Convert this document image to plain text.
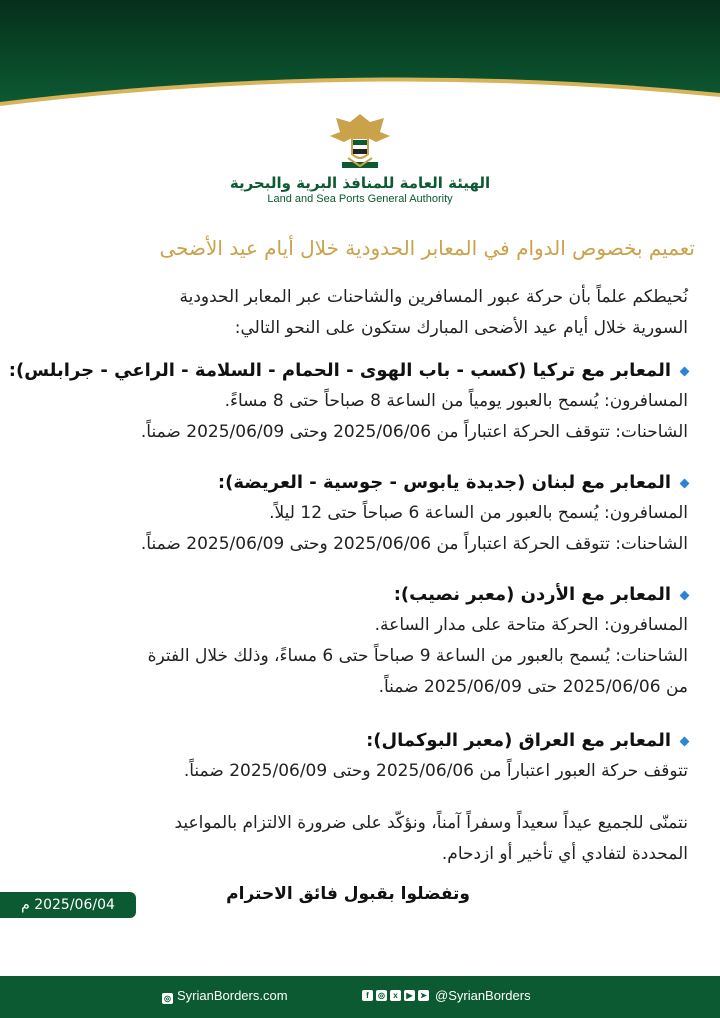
الهيئة العامة للمنافذ البرية والبحرية
Land and Sea Ports General Authority
تعميم بخصوص الدوام في المعابر الحدودية خلال أيام عيد الأضحى
نُحيطكم علماً بأن حركة عبور المسافرين والشاحنات عبر المعابر الحدودية
السورية خلال أيام عيد الأضحى المبارك ستكون على النحو التالي:
المعابر مع تركيا (كسب - باب الهوى - الحمام - السلامة - الراعي - جرابلس):
المسافرون: يُسمح بالعبور يومياً من الساعة 8 صباحاً حتى 8 مساءً.
الشاحنات: تتوقف الحركة اعتباراً من 2025/06/06 وحتى 2025/06/09 ضمناً.
المعابر مع لبنان (جديدة يابوس - جوسية - العريضة):
المسافرون: يُسمح بالعبور من الساعة 6 صباحاً حتى 12 ليلاً.
الشاحنات: تتوقف الحركة اعتباراً من 2025/06/06 وحتى 2025/06/09 ضمناً.
المعابر مع الأردن (معبر نصيب):
المسافرون: الحركة متاحة على مدار الساعة.
الشاحنات: يُسمح بالعبور من الساعة 9 صباحاً حتى 6 مساءً، وذلك خلال الفترة
من 2025/06/06 حتى 2025/06/09 ضمناً.
المعابر مع العراق (معبر البوكمال):
تتوقف حركة العبور اعتباراً من 2025/06/06 وحتى 2025/06/09 ضمناً.
نتمنّى للجميع عيداً سعيداً وسفراً آمناً، ونؤكّد على ضرورة الالتزام بالمواعيد
المحددة لتفادي أي تأخير أو ازدحام.
وتفضلوا بقبول فائق الاحترام
2025/06/04 م
◎ SyrianBorders.com	f	◎	x	▶ ➤ @SyrianBorders
